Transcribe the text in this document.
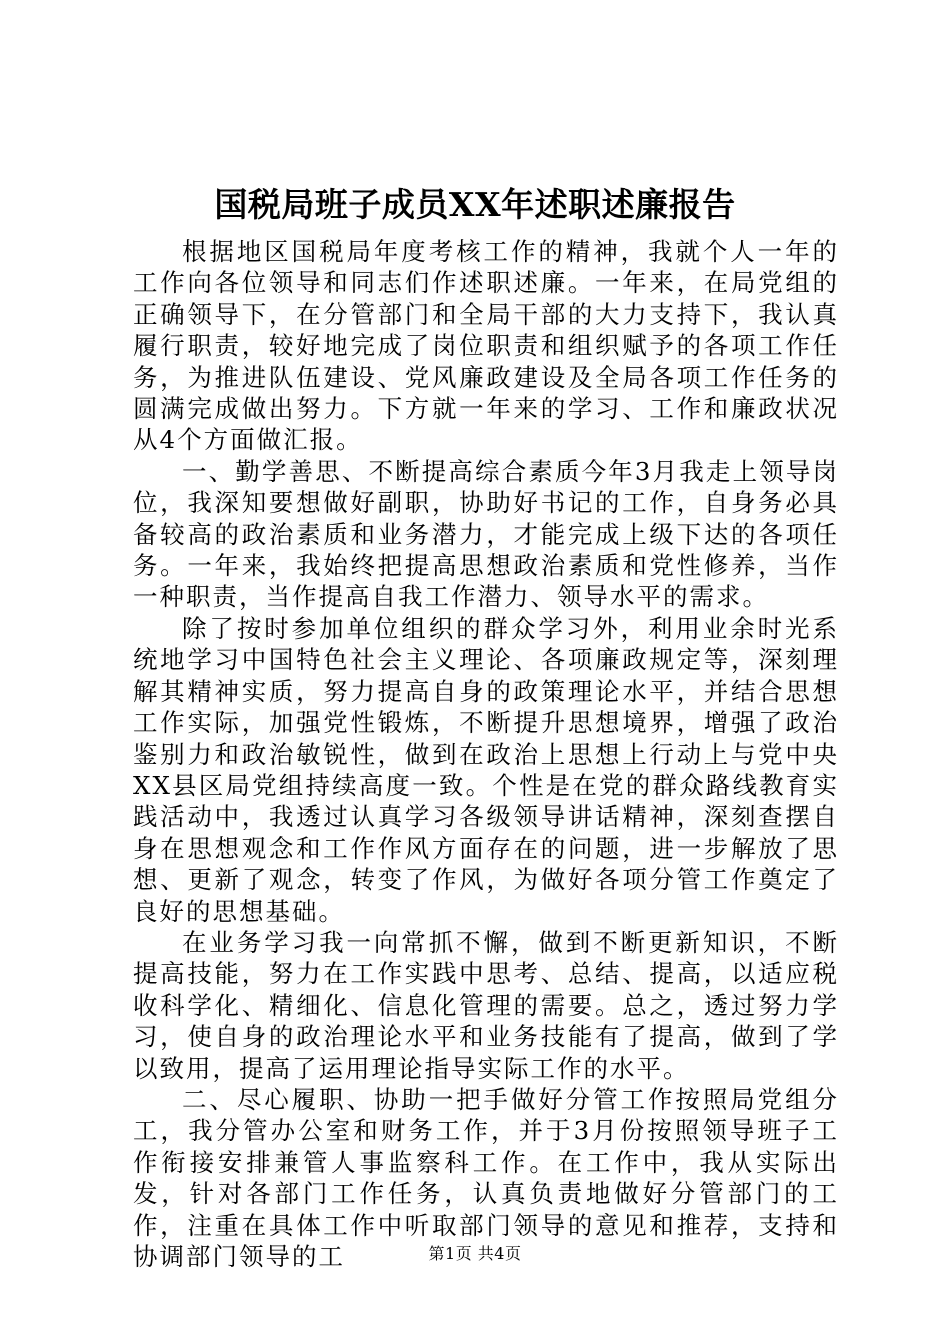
国税局班子成员XX年述职述廉报告

根据地区国税局年度考核工作的精神，我就个人一年的工作向各位领导和同志们作述职述廉。一年来，在局党组的正确领导下，在分管部门和全局干部的大力支持下，我认真履行职责，较好地完成了岗位职责和组织赋予的各项工作任务，为推进队伍建设、党风廉政建设及全局各项工作任务的圆满完成做出努力。下方就一年来的学习、工作和廉政状况从4个方面做汇报。

一、勤学善思、不断提高综合素质今年3月我走上领导岗位，我深知要想做好副职，协助好书记的工作，自身务必具备较高的政治素质和业务潜力，才能完成上级下达的各项任务。一年来，我始终把提高思想政治素质和党性修养，当作一种职责，当作提高自我工作潜力、领导水平的需求。

除了按时参加单位组织的群众学习外，利用业余时光系统地学习中国特色社会主义理论、各项廉政规定等，深刻理解其精神实质，努力提高自身的政策理论水平，并结合思想工作实际，加强党性锻炼，不断提升思想境界，增强了政治鉴别力和政治敏锐性，做到在政治上思想上行动上与党中央XX县区局党组持续高度一致。个性是在党的群众路线教育实践活动中，我透过认真学习各级领导讲话精神，深刻查摆自身在思想观念和工作作风方面存在的问题，进一步解放了思想、更新了观念，转变了作风，为做好各项分管工作奠定了良好的思想基础。

在业务学习我一向常抓不懈，做到不断更新知识，不断提高技能，努力在工作实践中思考、总结、提高，以适应税收科学化、精细化、信息化管理的需要。总之，透过努力学习，使自身的政治理论水平和业务技能有了提高，做到了学以致用，提高了运用理论指导实际工作的水平。

二、尽心履职、协助一把手做好分管工作按照局党组分工，我分管办公室和财务工作，并于3月份按照领导班子工作衔接安排兼管人事监察科工作。在工作中，我从实际出发，针对各部门工作任务，认真负责地做好分管部门的工作，注重在具体工作中听取部门领导的意见和推荐，支持和协调部门领导的工	第1页 共4页
